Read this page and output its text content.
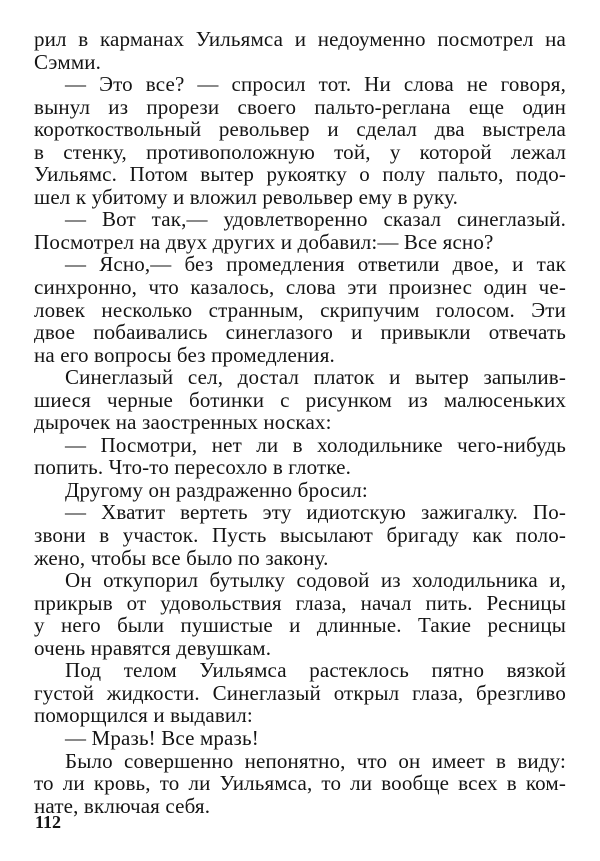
рил в карманах Уильямса и недоуменно посмотрел на
Сэмми.
— Это все? — спросил тот. Ни слова не говоря,
вынул из прорези своего пальто-реглана еще один
короткоствольный револьвер и сделал два выстрела
в стенку, противоположную той, у которой лежал
Уильямс. Потом вытер рукоятку о полу пальто, подо-
шел к убитому и вложил револьвер ему в руку.
— Вот так,— удовлетворенно сказал синеглазый.
Посмотрел на двух других и добавил:— Все ясно?
— Ясно,— без промедления ответили двое, и так
синхронно, что казалось, слова эти произнес один че-
ловек несколько странным, скрипучим голосом. Эти
двое побаивались синеглазого и привыкли отвечать
на его вопросы без промедления.
Синеглазый сел, достал платок и вытер запылив-
шиеся черные ботинки с рисунком из малюсеньких
дырочек на заостренных носках:
— Посмотри, нет ли в холодильнике чего-нибудь
попить. Что-то пересохло в глотке.
Другому он раздраженно бросил:
— Хватит вертеть эту идиотскую зажигалку. По-
звони в участок. Пусть высылают бригаду как поло-
жено, чтобы все было по закону.
Он откупорил бутылку содовой из холодильника и,
прикрыв от удовольствия глаза, начал пить. Ресницы
у него были пушистые и длинные. Такие ресницы
очень нравятся девушкам.
Под телом Уильямса растеклось пятно вязкой
густой жидкости. Синеглазый открыл глаза, брезгливо
поморщился и выдавил:
— Мразь! Все мразь!
Было совершенно непонятно, что он имеет в виду:
то ли кровь, то ли Уильямса, то ли вообще всех в ком-
нате, включая себя.
112
